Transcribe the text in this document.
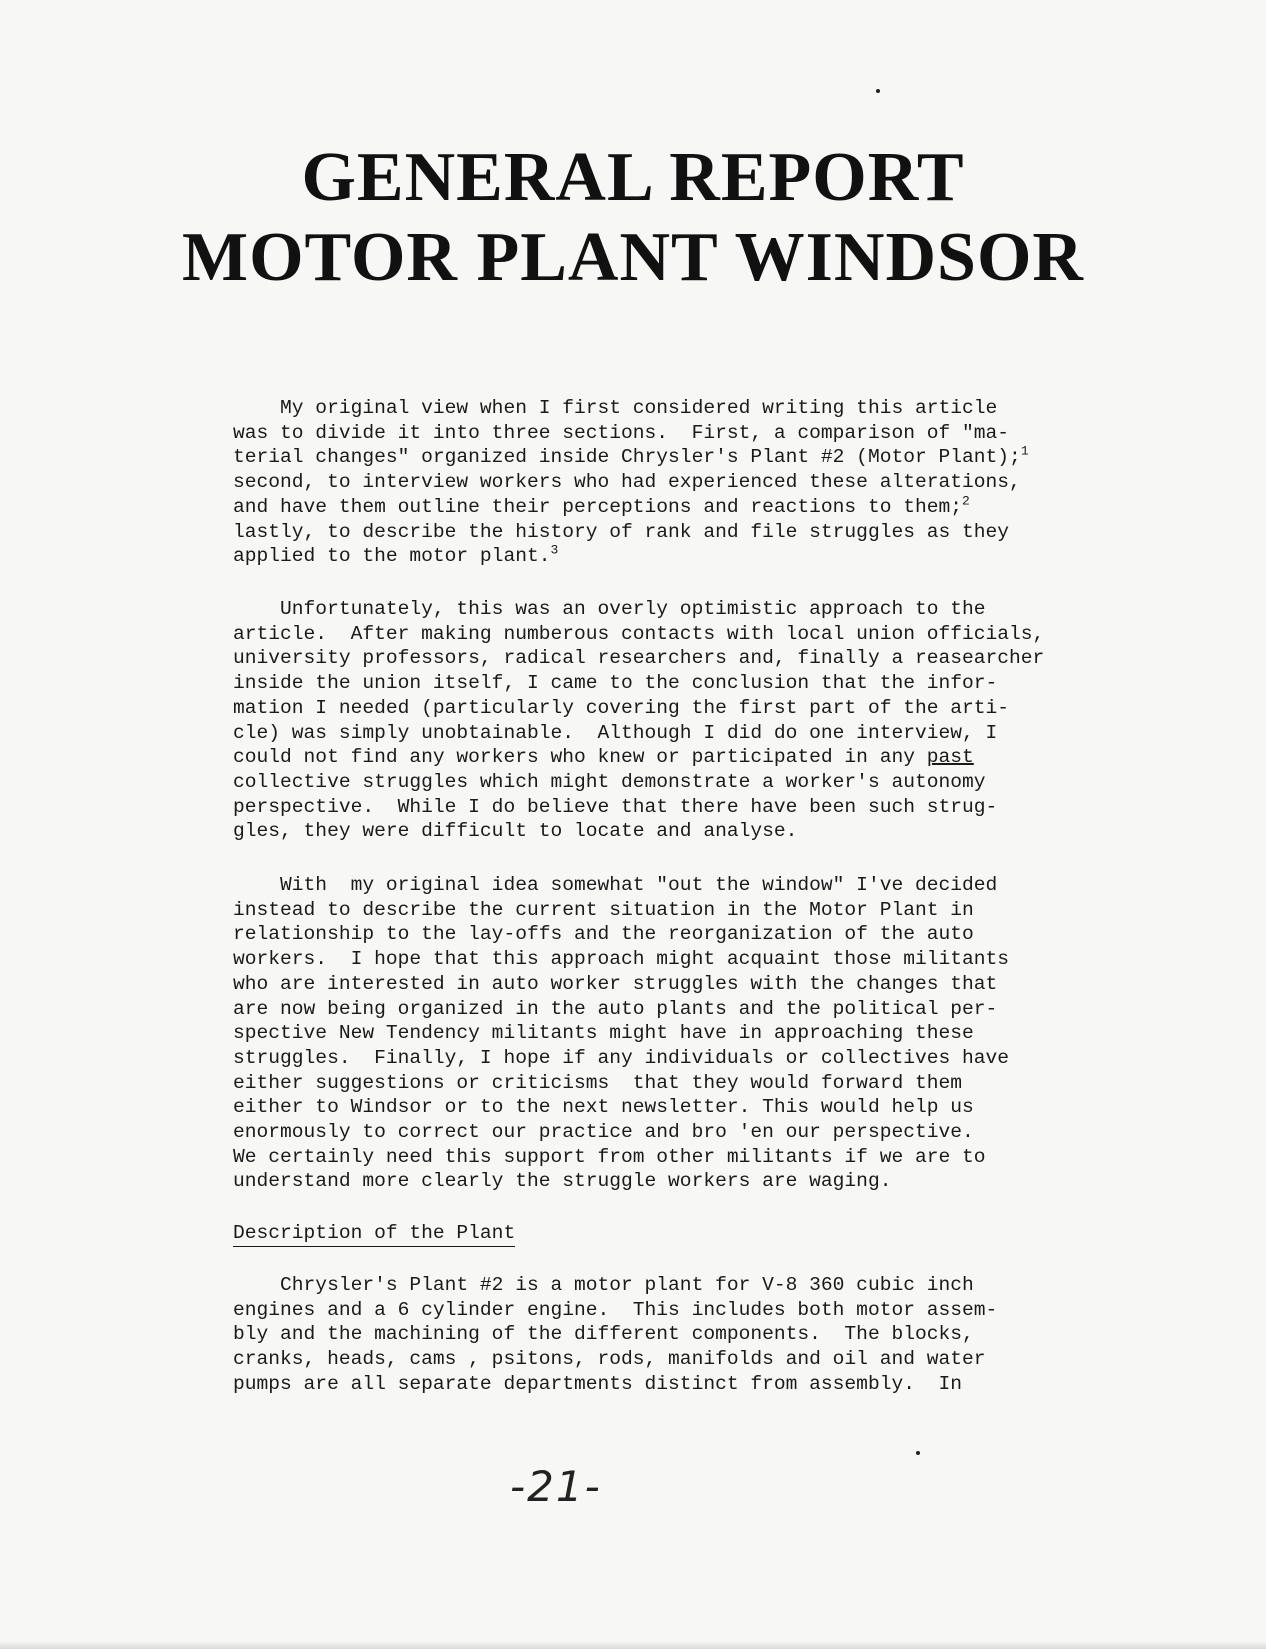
GENERAL REPORT
MOTOR PLANT WINDSOR
My original view when I first considered writing this article
was to divide it into three sections.  First, a comparison of "ma-
terial changes" organized inside Chrysler's Plant #2 (Motor Plant);$^1$
second, to interview workers who had experienced these alterations,
and have them outline their perceptions and reactions to them;$^2$
lastly, to describe the history of rank and file struggles as they
applied to the motor plant.$^3$
Unfortunately, this was an overly optimistic approach to the
article.  After making numberous contacts with local union officials,
university professors, radical researchers and, finally a reasearcher
inside the union itself, I came to the conclusion that the infor-
mation I needed (particularly covering the first part of the arti-
cle) was simply unobtainable.  Although I did do one interview, I
could not find any workers who knew or participated in any past
collective struggles which might demonstrate a worker's autonomy
perspective.  While I do believe that there have been such strug-
gles, they were difficult to locate and analyse.
With  my original idea somewhat "out the window" I've decided
instead to describe the current situation in the Motor Plant in
relationship to the lay-offs and the reorganization of the auto
workers.  I hope that this approach might acquaint those militants
who are interested in auto worker struggles with the changes that
are now being organized in the auto plants and the political per-
spective New Tendency militants might have in approaching these
struggles.  Finally, I hope if any individuals or collectives have
either suggestions or criticisms  that they would forward them
either to Windsor or to the next newsletter. This would help us
enormously to correct our practice and bro 'en our perspective.
We certainly need this support from other militants if we are to
understand more clearly the struggle workers are waging.

Description of the Plant

Chrysler's Plant #2 is a motor plant for V-8 360 cubic inch
engines and a 6 cylinder engine.  This includes both motor assem-
bly and the machining of the different components.  The blocks,
cranks, heads, cams , psitons, rods, manifolds and oil and water
pumps are all separate departments distinct from assembly.  In

-21-
